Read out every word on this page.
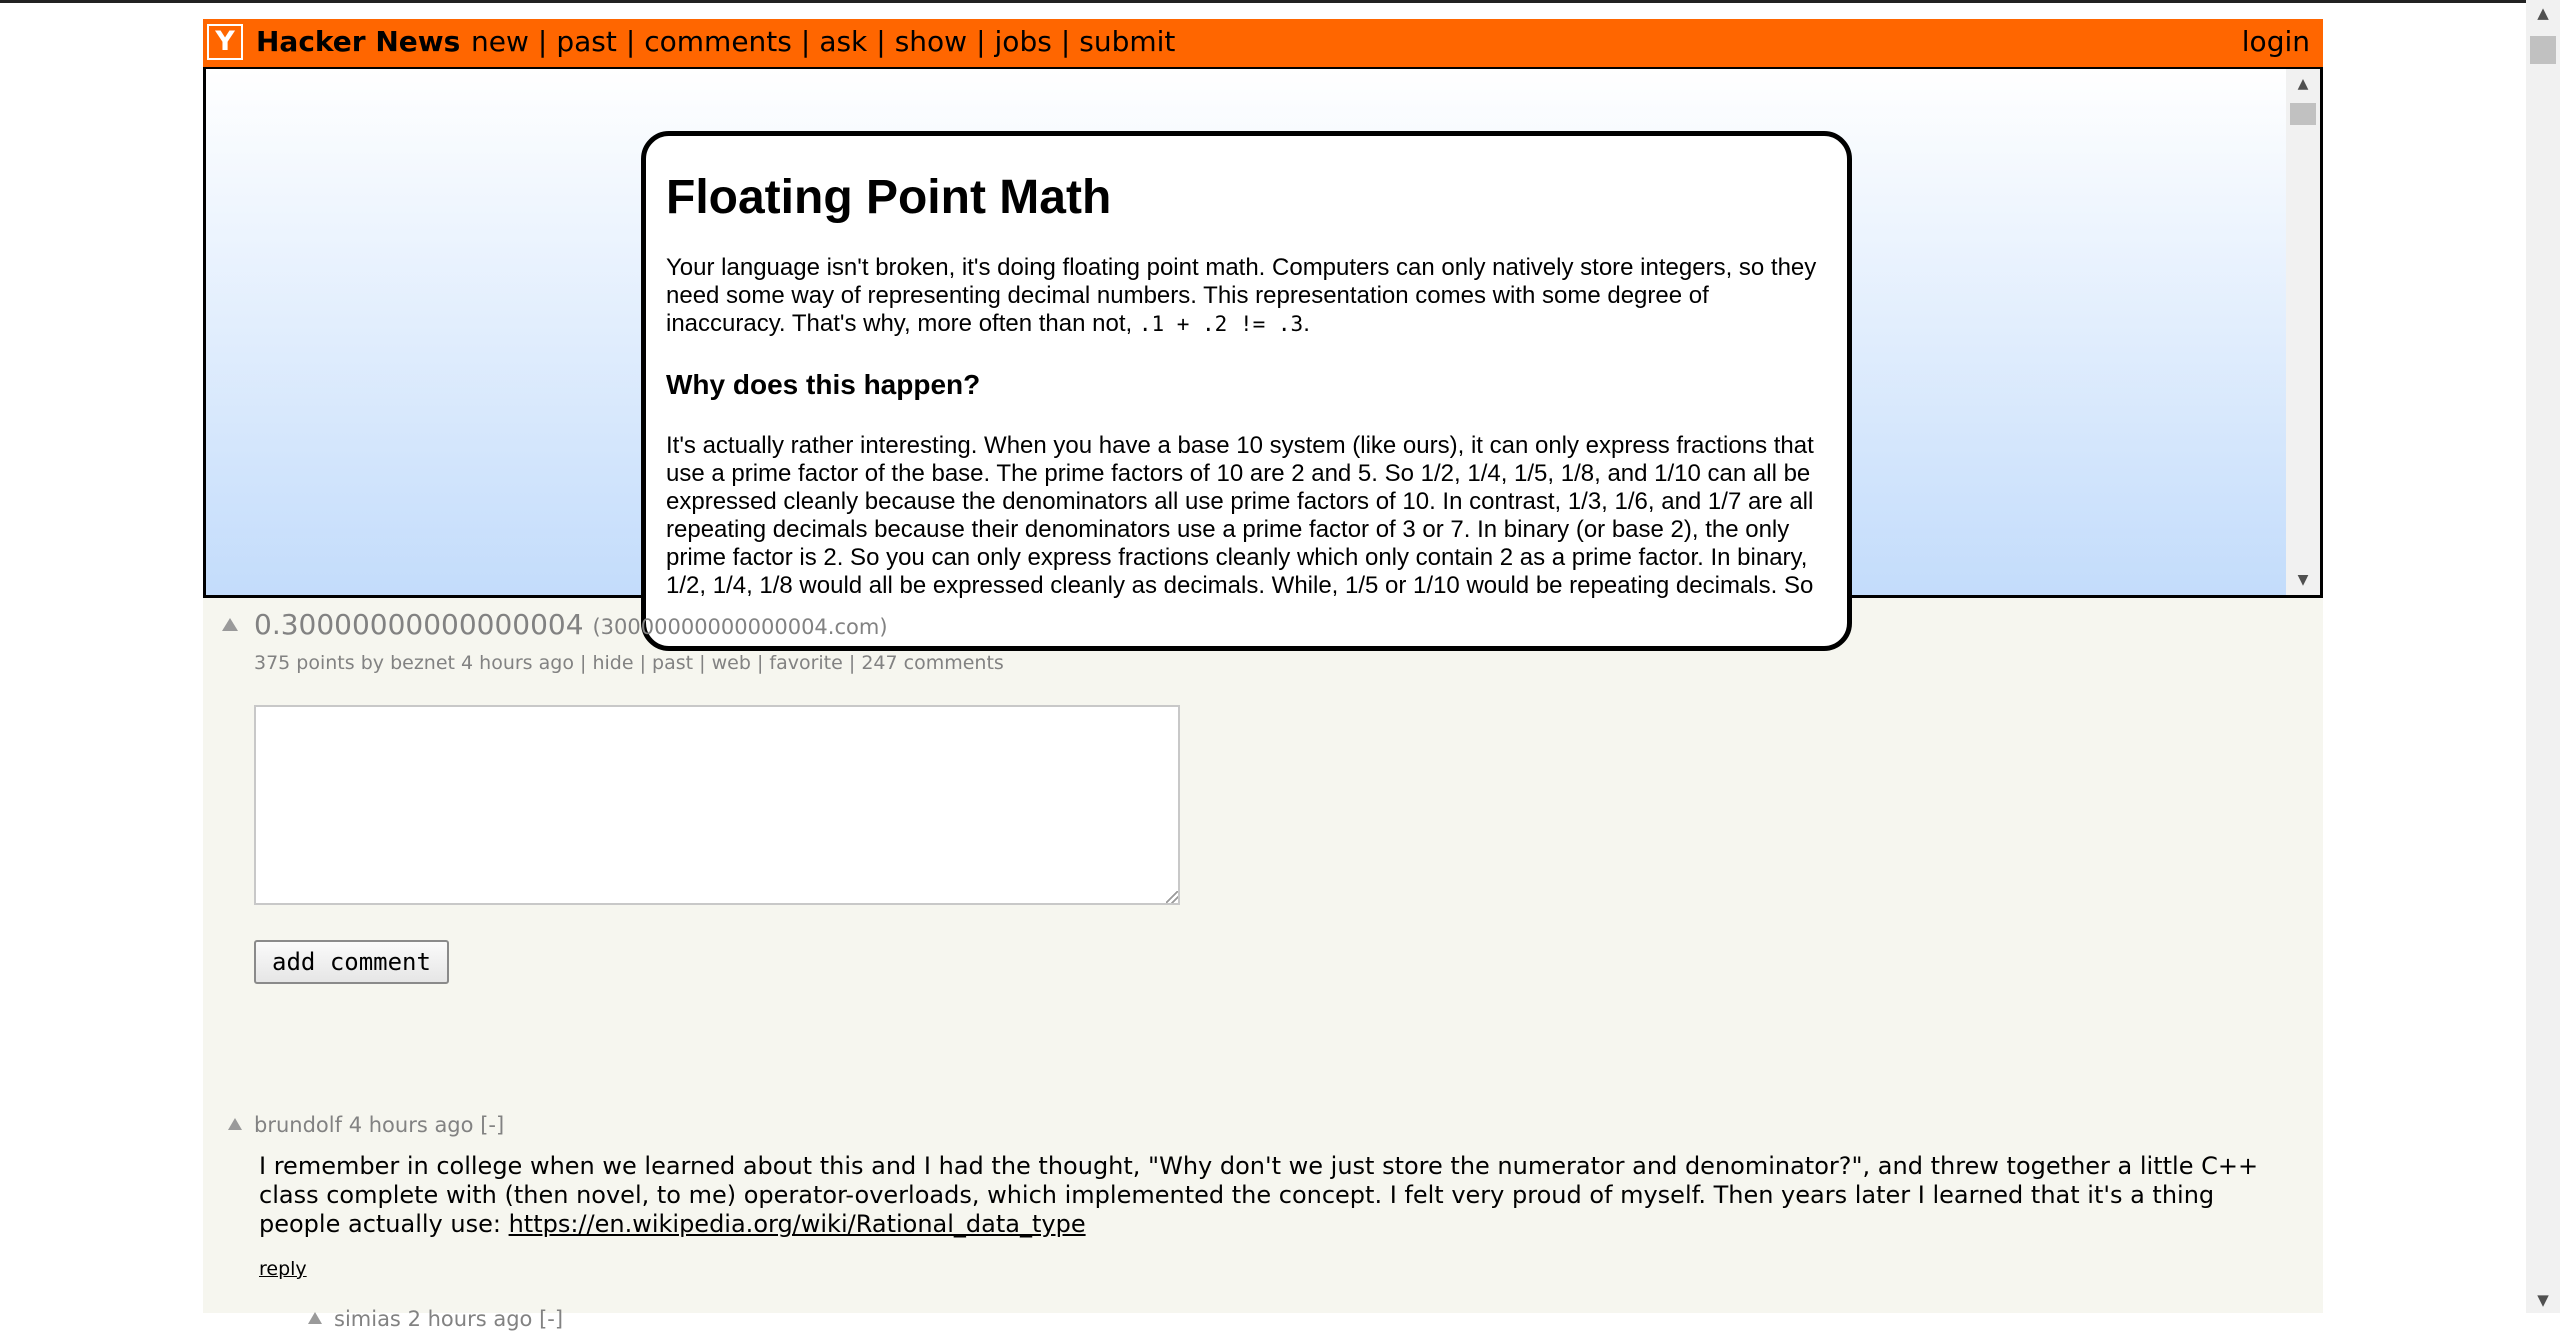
▲
▼
Y Hacker News new | past | comments | ask | show | jobs | submit	login
Floating Point Math

Your language isn't broken, it's doing floating point math. Computers can only natively store integers, so they need some way of representing decimal numbers. This representation comes with some degree of inaccuracy. That's why, more often than not, .1 + .2 != .3.

Why does this happen?

It's actually rather interesting. When you have a base 10 system (like ours), it can only express fractions that use a prime factor of the base. The prime factors of 10 are 2 and 5. So 1/2, 1/4, 1/5, 1/8, and 1/10 can all be expressed cleanly because the denominators all use prime factors of 10. In contrast, 1/3, 1/6, and 1/7 are all repeating decimals because their denominators use a prime factor of 3 or 7. In binary (or base 2), the only prime factor is 2. So you can only express fractions cleanly which only contain 2 as a prime factor. In binary, 1/2, 1/4, 1/8 would all be expressed cleanly as decimals. While, 1/5 or 1/10 would be repeating decimals. So

▲
▼
0.30000000000000004 (30000000000000004.com)
375 points by beznet 4 hours ago | hide | past | web | favorite | 247 comments
add comment
brundolf 4 hours ago [-]
I remember in college when we learned about this and I had the thought, "Why don't we just store the numerator and denominator?", and threw together a little C++ class complete with (then novel, to me) operator-overloads, which implemented the concept. I felt very proud of myself. Then years later I learned that it's a thing people actually use: https://en.wikipedia.org/wiki/Rational_data_type
reply
simias 2 hours ago [-]
